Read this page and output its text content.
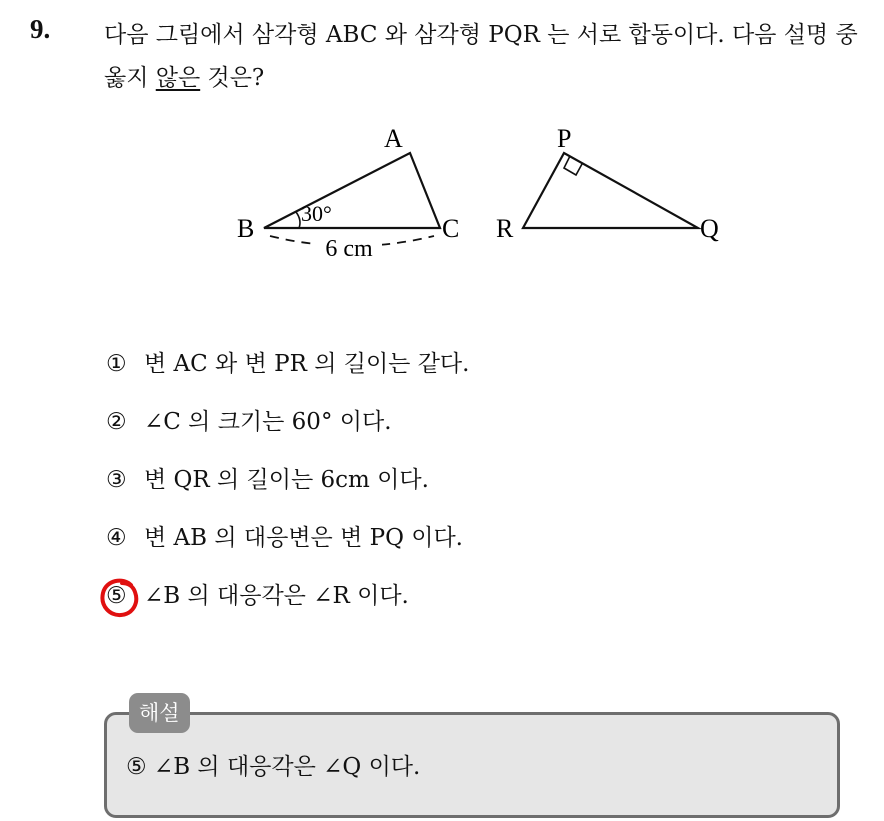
9. 다음 그림에서 삼각형 ABC 와 삼각형 PQR 는 서로 합동이다. 다음 설명 중 옳지 않은 것은?
A
B	C
30°
6 cm
P
Q
R
① 변 AC 와 변 PR 의 길이는 같다.
② ∠C 의 크기는 60° 이다.
③ 변 QR 의 길이는 6cm 이다.
④ 변 AB 의 대응변은 변 PQ 이다.
⑤ ∠B 의 대응각은 ∠R 이다.
해설
⑤ ∠B 의 대응각은 ∠Q 이다.
